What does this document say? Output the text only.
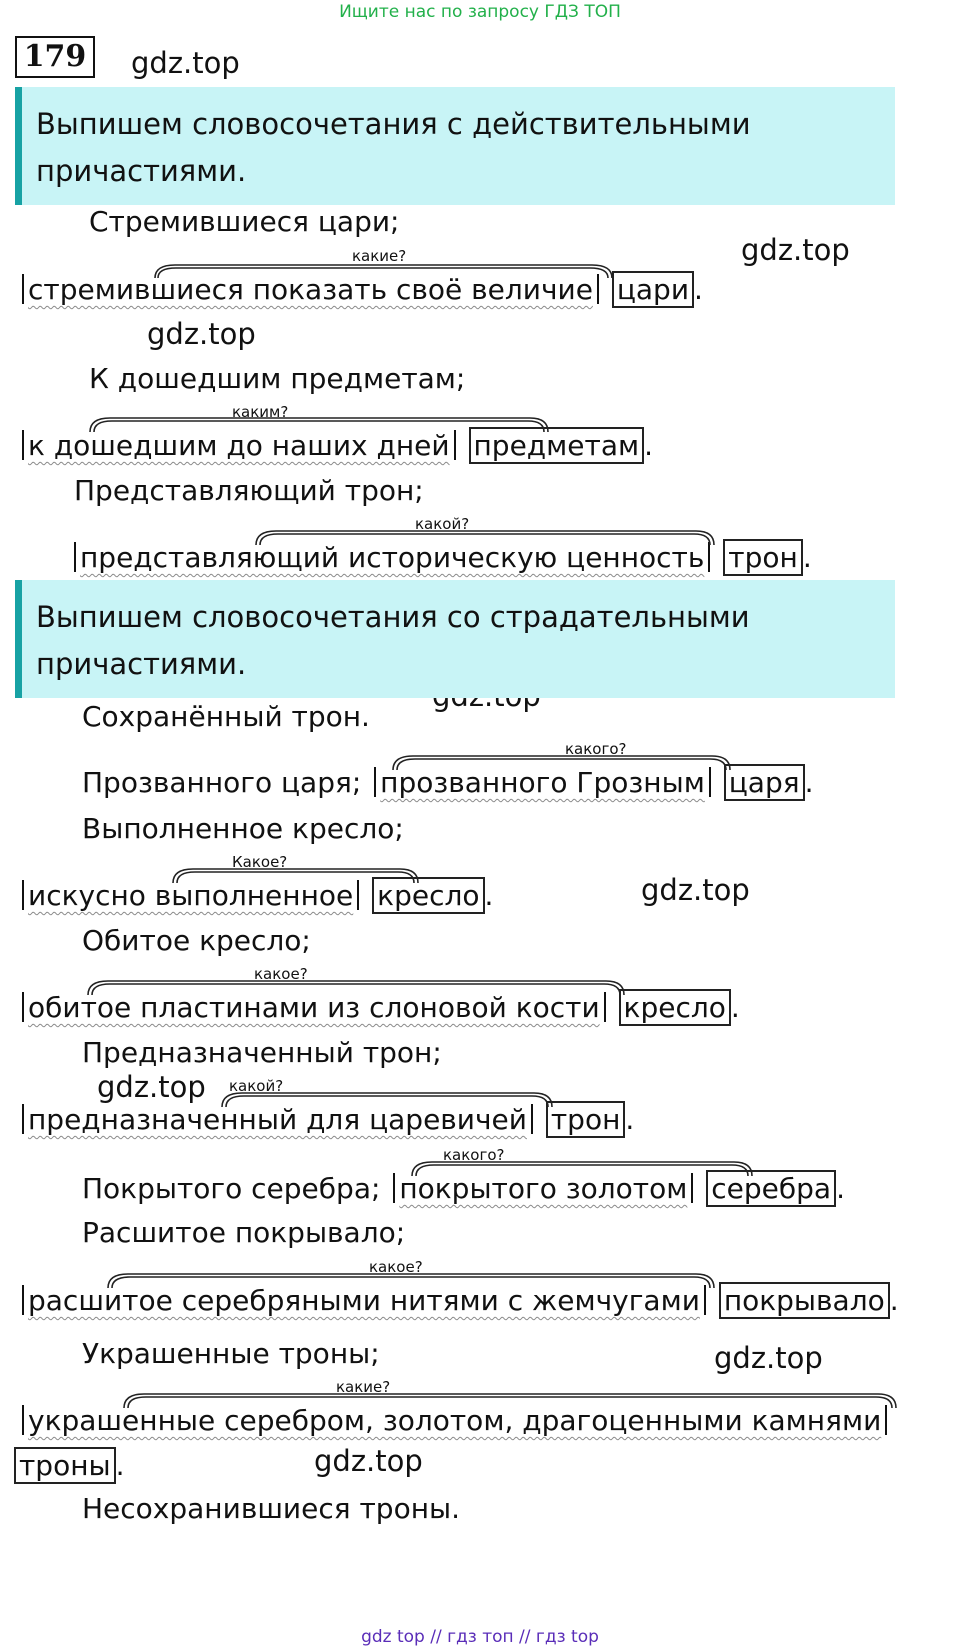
Ищите нас по запросу ГДЗ ТОП
179 gdz.top
gdz.top
gdz.top
gdz.top
gdz.top
gdz.top
gdz.top
Выпишем словосочетания с действительными причастиями.
Стремившиеся цари;
какие?
стремившиеся показать своё величие цари .
К дошедшим предметам;
каким?
к дошедшим до наших дней предметам .
Представляющий трон;
какой?
представляющий историческую ценность трон .
Выпишем словосочетания со страдательными причастиями.
Сохранённый трон.
какого?
Прозванного царя; прозванного Грозным царя .
Выполненное кресло;
Какое?
искусно выполненное кресло .
Обитое кресло;
какое?
обитое пластинами из слоновой кости кресло .
Предназначенный трон;
какой?
предназначенный для царевичей трон .
какого?
Покрытого серебра; покрытого золотом серебра .
Расшитое покрывало;
какое?
расшитое серебряными нитями с жемчугами покрывало .
Украшенные троны;
какие?
украшенные серебром, золотом, драгоценными камнями
троны .
Несохранившиеся троны.
gdz top // гдз топ // гдз top
